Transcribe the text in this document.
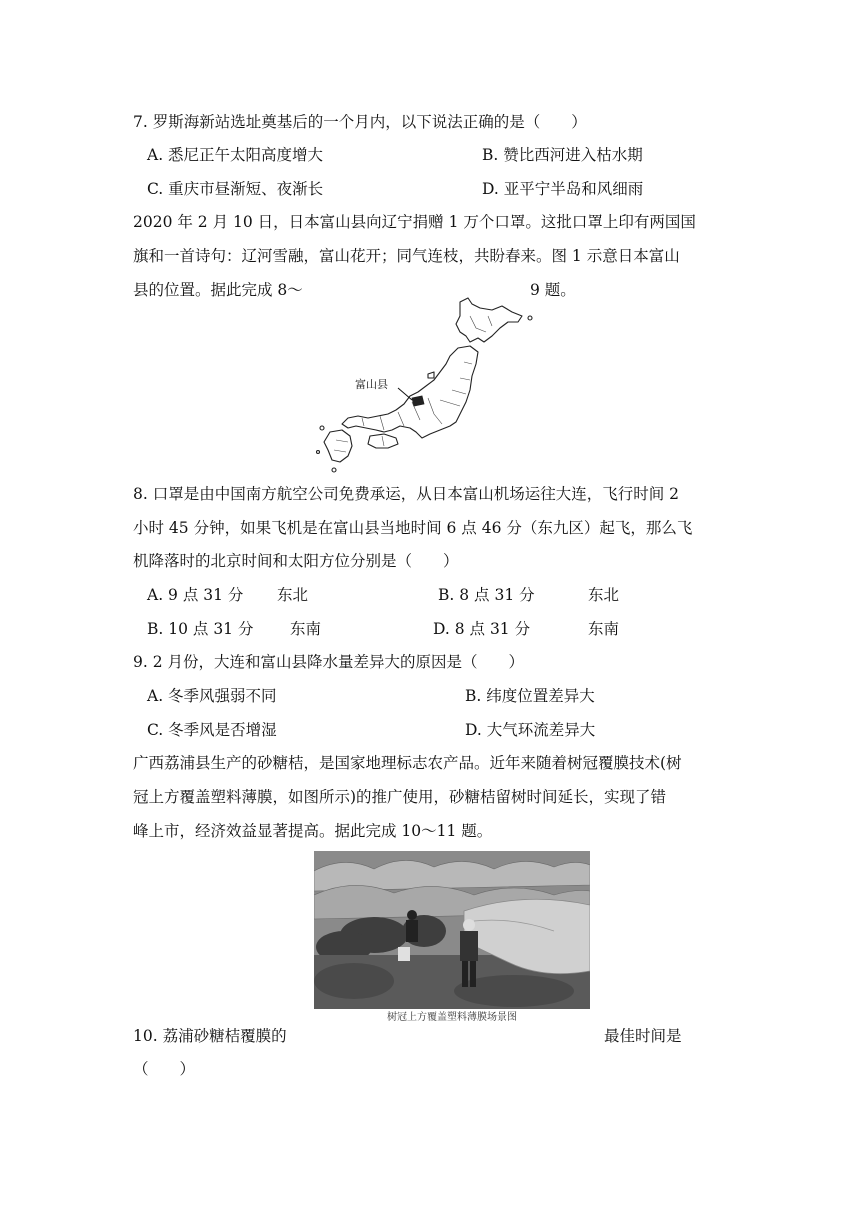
7. 罗斯海新站选址奠基后的一个月内，以下说法正确的是（　　）
A. 悉尼正午太阳高度增大	B. 赞比西河进入枯水期
C. 重庆市昼渐短、夜渐长	D. 亚平宁半岛和风细雨
2020 年 2 月 10 日，日本富山县向辽宁捐赠 1 万个口罩。这批口罩上印有两国国
旗和一首诗句：辽河雪融，富山花开；同气连枝，共盼春来。图 1 示意日本富山
县的位置。据此完成 8～	9 题。
富山县
8. 口罩是由中国南方航空公司免费承运，从日本富山机场运往大连，飞行时间 2
小时 45 分钟，如果飞机是在富山县当地时间 6 点 46 分（东九区）起飞，那么飞
机降落时的北京时间和太阳方位分别是（　　）
A. 9 点 31 分 东北	B. 8 点 31 分	东北
B. 10 点 31 分 东南	D. 8 点 31 分	东南
9. 2 月份，大连和富山县降水量差异大的原因是（　　）
A. 冬季风强弱不同	B. 纬度位置差异大
C. 冬季风是否增湿	D. 大气环流差异大
广西荔浦县生产的砂糖桔，是国家地理标志农产品。近年来随着树冠覆膜技术(树
冠上方覆盖塑料薄膜，如图所示)的推广使用，砂糖桔留树时间延长，实现了错
峰上市，经济效益显著提高。据此完成 10～11 题。
树冠上方覆盖塑料薄膜场景图
10. 荔浦砂糖桔覆膜的	最佳时间是
（　　）
